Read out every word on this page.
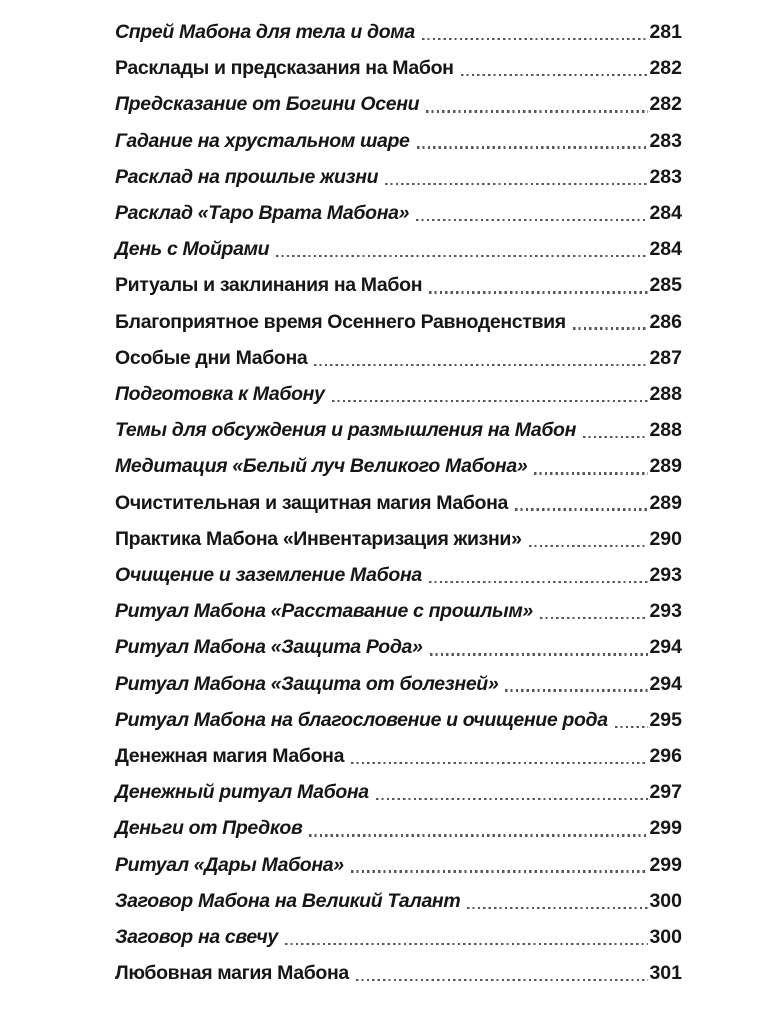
Спрей Мабона для тела и дома	281
Расклады и предсказания на Мабон	282
Предсказание от Богини Осени	282
Гадание на хрустальном шаре	283
Расклад на прошлые жизни	283
Расклад «Таро Врата Мабона»	284
День с Мойрами	284
Ритуалы и заклинания на Мабон	285
Благоприятное время Осеннего Равноденствия	286
Особые дни Мабона	287
Подготовка к Мабону	288
Темы для обсуждения и размышления на Мабон	288
Медитация «Белый луч Великого Мабона»	289
Очистительная и защитная магия Мабона	289
Практика Мабона «Инвентаризация жизни»	290
Очищение и заземление Мабона	293
Ритуал Мабона «Расставание с прошлым»	293
Ритуал Мабона «Защита Рода»	294
Ритуал Мабона «Защита от болезней»	294
Ритуал Мабона на благословение и очищение рода 295
Денежная магия Мабона	296
Денежный ритуал Мабона	297
Деньги от Предков	299
Ритуал «Дары Мабона»	299
Заговор Мабона на Великий Талант	300
Заговор на свечу	300
Любовная магия Мабона	301
